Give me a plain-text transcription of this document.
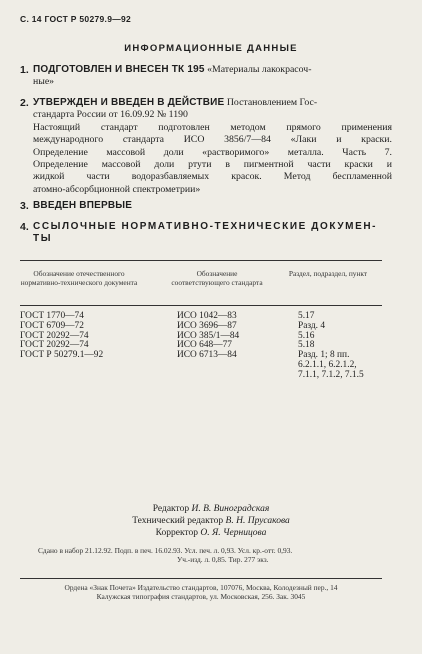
С. 14 ГОСТ Р 50279.9—92
ИНФОРМАЦИОННЫЕ ДАННЫЕ
1. ПОДГОТОВЛЕН И ВНЕСЕН ТК 195 «Материалы лакокрасоч-
ные»
2. УТВЕРЖДЕН И ВВЕДЕН В ДЕЙСТВИЕ Постановлением Гос-
стандарта России от 16.09.92 № 1190
Настоящий стандарт подготовлен методом прямого применения
международного стандарта ИСО 3856/7—84 «Лаки и краски.
Определение массовой доли «растворимого» металла. Часть 7.
Определение массовой доли ртути в пигментной части краски и
жидкой части водоразбавляемых красок. Метод беспламенной
атомно-абсорбционной спектрометрии»
3. ВВЕДЕН ВПЕРВЫЕ
4. ССЫЛОЧНЫЕ НОРМАТИВНО-ТЕХНИЧЕСКИЕ ДОКУМЕН-
ТЫ
Обозначение отечественного нормативно-технического документа
Обозначение соответствующего стандарта
Раздел, подраздел, пункт
ГОСТ 1770—74
ГОСТ 6709—72
ГОСТ 20292—74
ГОСТ 20292—74
ГОСТ Р 50279.1—92
ИСО 1042—83
ИСО 3696—87
ИСО 385/1—84
ИСО 648—77
ИСО 6713—84
5.17
Разд. 4
5.16
5.18
Разд. 1; 8 пп.
6.2.1.1, 6.2.1.2,
7.1.1, 7.1.2, 7.1.5
Редактор И. В. Виноградская
Технический редактор В. Н. Прусакова
Корректор О. Я. Черницова
Сдано в набор 21.12.92. Подп. в печ. 16.02.93. Усл. печ. л. 0,93. Усл. кр.-отт. 0,93.
Уч.-изд. л. 0,85. Тир. 277 экз.
Ордена «Знак Почета» Издательство стандартов, 107076, Москва, Колодезный пер., 14
Калужская типография стандартов, ул. Московская, 256. Зак. 3045
